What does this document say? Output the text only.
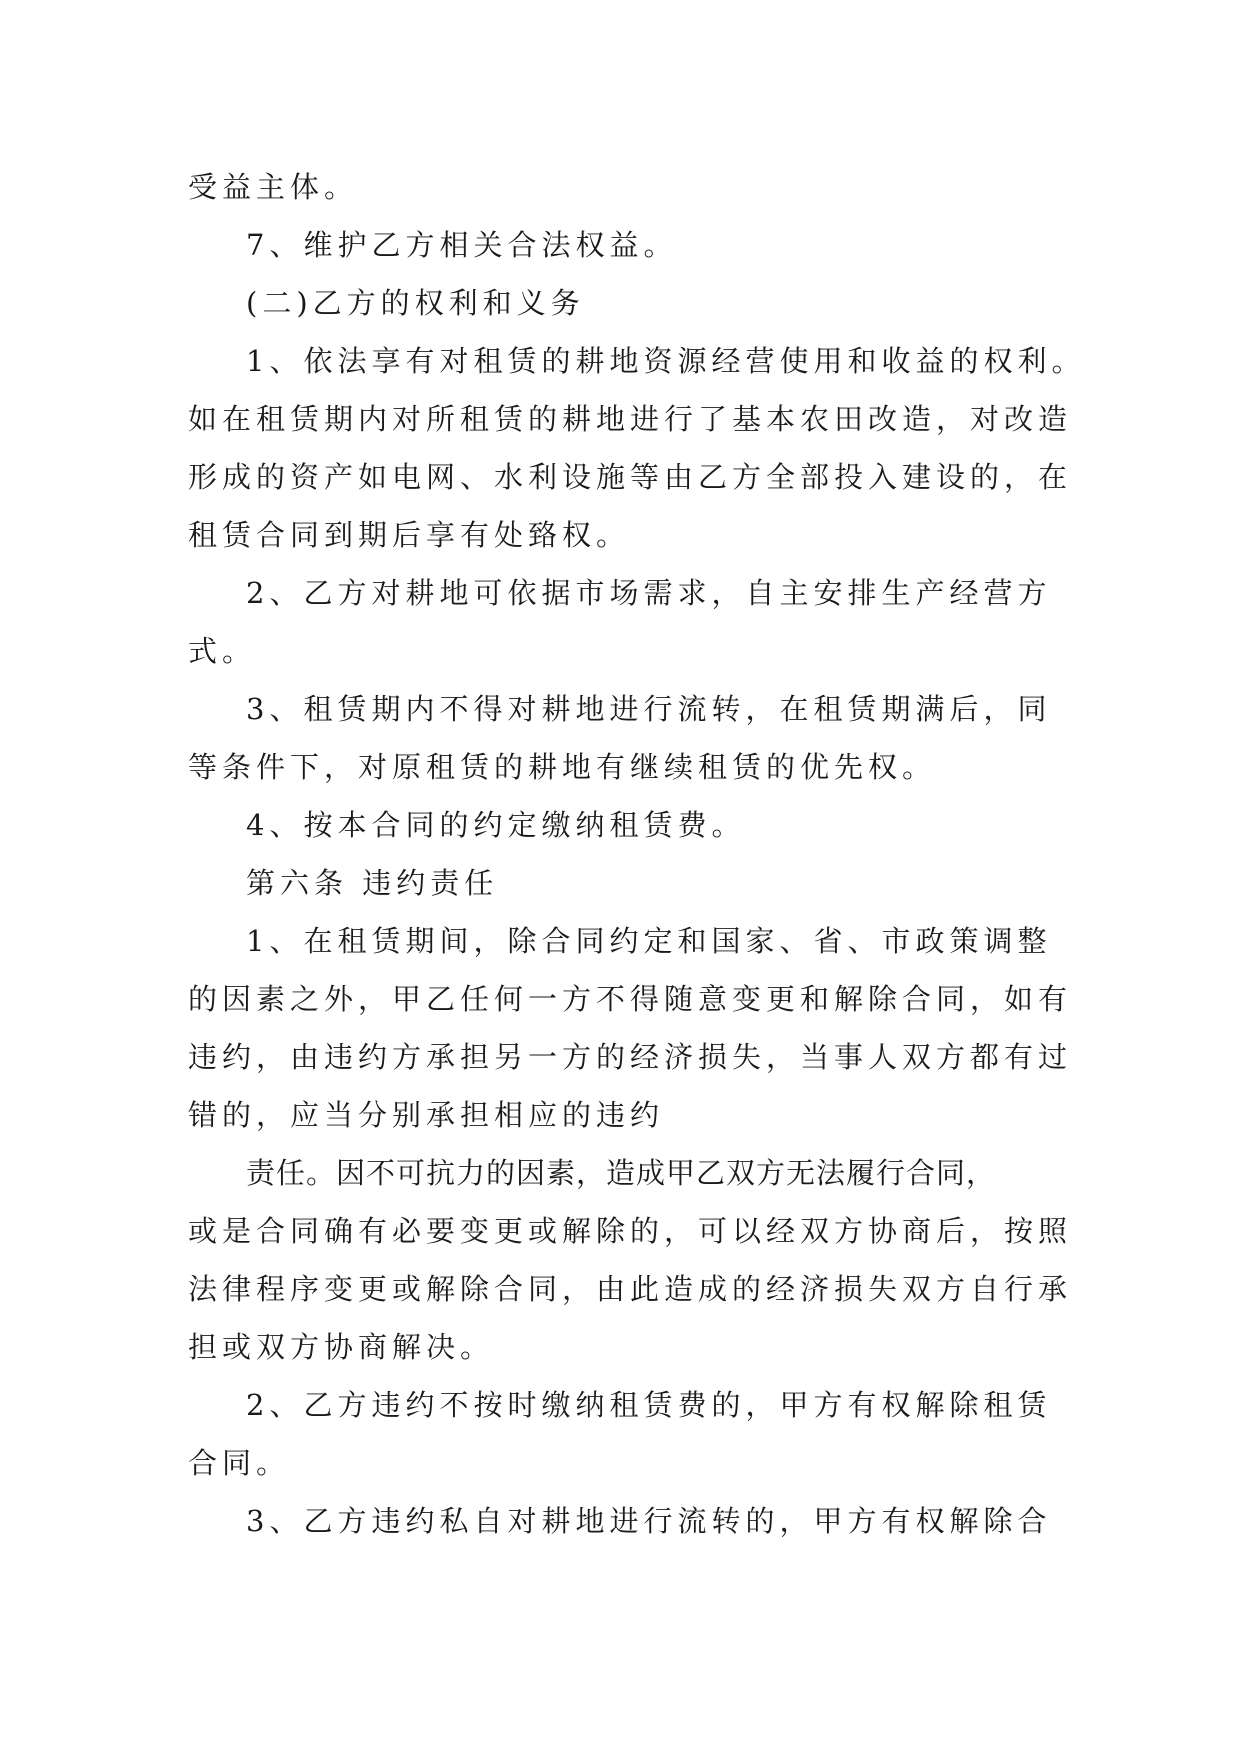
受益主体。
7、维护乙方相关合法权益。
(二)乙方的权利和义务
1、依法享有对租赁的耕地资源经营使用和收益的权利。
如在租赁期内对所租赁的耕地进行了基本农田改造，对改造
形成的资产如电网、水利设施等由乙方全部投入建设的，在
租赁合同到期后享有处臵权。
2、乙方对耕地可依据市场需求，自主安排生产经营方
式。
3、租赁期内不得对耕地进行流转，在租赁期满后，同
等条件下，对原租赁的耕地有继续租赁的优先权。
4、按本合同的约定缴纳租赁费。
第六条 违约责任
1、在租赁期间，除合同约定和国家、省、市政策调整
的因素之外，甲乙任何一方不得随意变更和解除合同，如有
违约，由违约方承担另一方的经济损失，当事人双方都有过
错的，应当分别承担相应的违约
责任。因不可抗力的因素，造成甲乙双方无法履行合同，
或是合同确有必要变更或解除的，可以经双方协商后，按照
法律程序变更或解除合同，由此造成的经济损失双方自行承
担或双方协商解决。
2、乙方违约不按时缴纳租赁费的，甲方有权解除租赁
合同。
3、乙方违约私自对耕地进行流转的，甲方有权解除合
